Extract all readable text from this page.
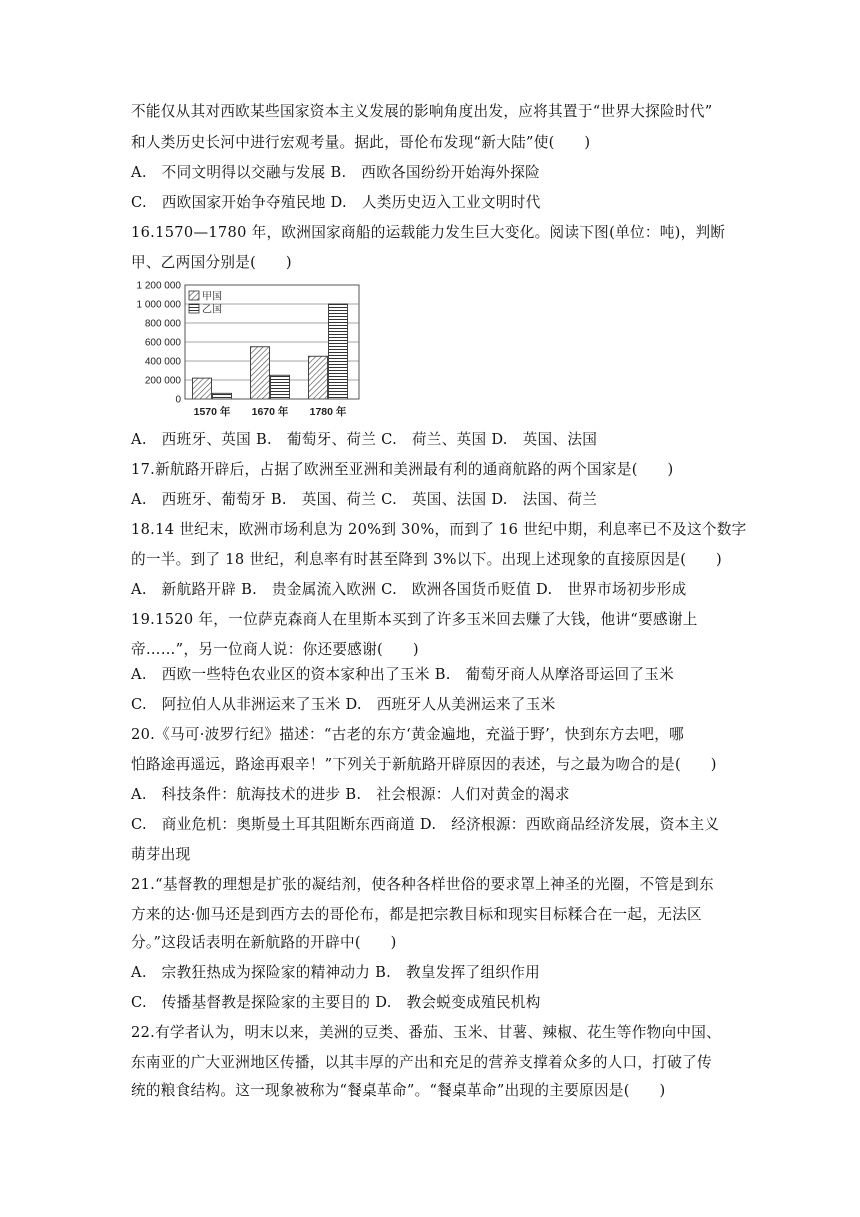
不能仅从其对西欧某些国家资本主义发展的影响角度出发，应将其置于“世界大探险时代”
和人类历史长河中进行宏观考量。据此，哥伦布发现“新大陆”使(　　)
A.　不同文明得以交融与发展 B.　西欧各国纷纷开始海外探险
C.　西欧国家开始争夺殖民地 D.　人类历史迈入工业文明时代
16.1570—1780 年，欧洲国家商船的运载能力发生巨大变化。阅读下图(单位：吨)，判断
甲、乙两国分别是(　　)
1 200 000
1 000 000
800 000
600 000
400 000
200 000
0
1570 年 1670 年 1780 年
甲国
乙国
A.　西班牙、英国 B.　葡萄牙、荷兰 C.　荷兰、英国 D.　英国、法国
17.新航路开辟后，占据了欧洲至亚洲和美洲最有利的通商航路的两个国家是(　　)
A.　西班牙、葡萄牙 B.　英国、荷兰 C.　英国、法国 D.　法国、荷兰
18.14 世纪末，欧洲市场利息为 20%到 30%，而到了 16 世纪中期，利息率已不及这个数字
的一半。到了 18 世纪，利息率有时甚至降到 3%以下。出现上述现象的直接原因是(　　)
A.　新航路开辟 B.　贵金属流入欧洲 C.　欧洲各国货币贬值 D.　世界市场初步形成
19.1520 年，一位萨克森商人在里斯本买到了许多玉米回去赚了大钱，他讲“要感谢上
帝……”，另一位商人说：你还要感谢(　　)
A.　西欧一些特色农业区的资本家种出了玉米 B.　葡萄牙商人从摩洛哥运回了玉米
C.　阿拉伯人从非洲运来了玉米 D.　西班牙人从美洲运来了玉米
20.《马可·波罗行纪》描述：“古老的东方‘黄金遍地，充溢于野’，快到东方去吧，哪
怕路途再遥远，路途再艰辛！”下列关于新航路开辟原因的表述，与之最为吻合的是(　　)
A.　科技条件：航海技术的进步 B.　社会根源：人们对黄金的渴求
C.　商业危机：奥斯曼土耳其阻断东西商道 D.　经济根源：西欧商品经济发展，资本主义
萌芽出现
21.“基督教的理想是扩张的凝结剂，使各种各样世俗的要求罩上神圣的光圈，不管是到东
方来的达·伽马还是到西方去的哥伦布，都是把宗教目标和现实目标糅合在一起，无法区
分。”这段话表明在新航路的开辟中(　　)
A.　宗教狂热成为探险家的精神动力 B.　教皇发挥了组织作用
C.　传播基督教是探险家的主要目的 D.　教会蜕变成殖民机构
22.有学者认为，明末以来，美洲的豆类、番茄、玉米、甘薯、辣椒、花生等作物向中国、
东南亚的广大亚洲地区传播，以其丰厚的产出和充足的营养支撑着众多的人口，打破了传
统的粮食结构。这一现象被称为“餐桌革命”。“餐桌革命”出现的主要原因是(　　)
